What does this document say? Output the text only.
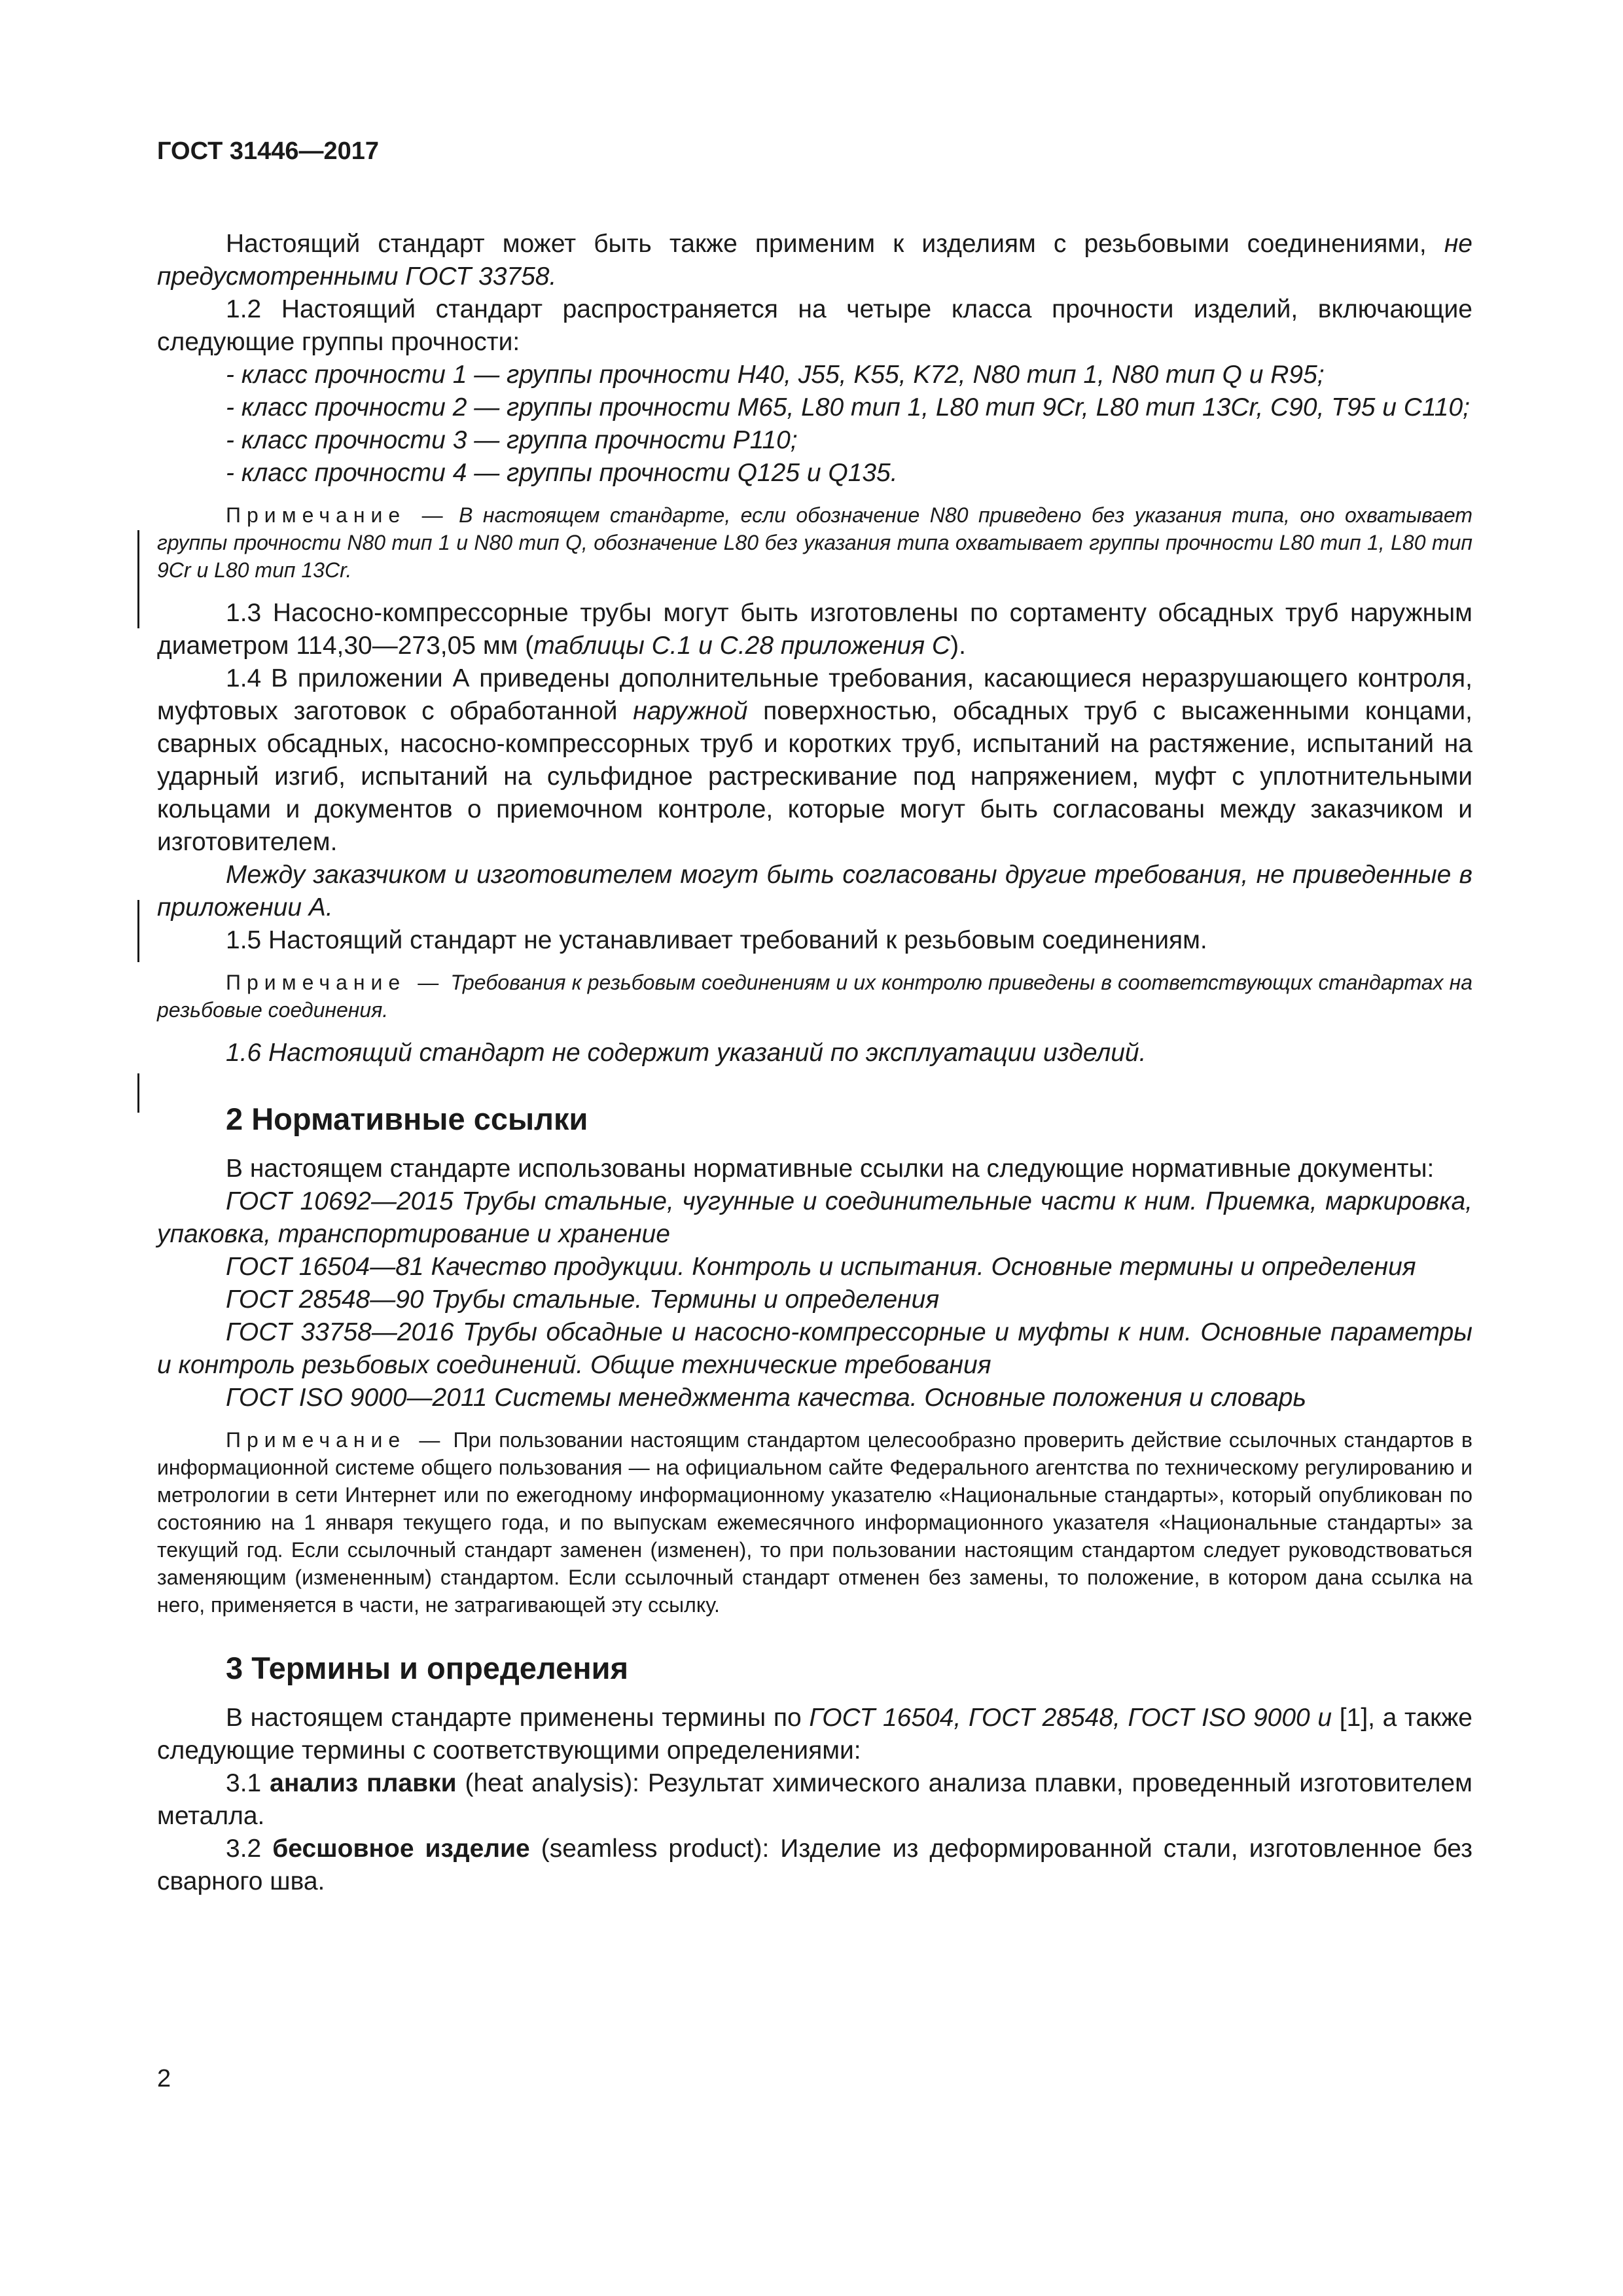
ГОСТ 31446—2017

Настоящий стандарт может быть также применим к изделиям с резьбовыми соединениями, не предусмотренными ГОСТ 33758.

1.2 Настоящий стандарт распространяется на четыре класса прочности изделий, включающие следующие группы прочности:

- класс прочности 1 — группы прочности H40, J55, K55, K72, N80 тип 1, N80 тип Q и R95;

- класс прочности 2 — группы прочности M65, L80 тип 1, L80 тип 9Cr, L80 тип 13Cr, C90, T95 и C110;

- класс прочности 3 — группа прочности P110;

- класс прочности 4 — группы прочности Q125 и Q135.

Примечание — В настоящем стандарте, если обозначение N80 приведено без указания типа, оно охватывает группы прочности N80 тип 1 и N80 тип Q, обозначение L80 без указания типа охватывает группы прочности L80 тип 1, L80 тип 9Cr и L80 тип 13Cr.

1.3 Насосно-компрессорные трубы могут быть изготовлены по сортаменту обсадных труб наружным диаметром 114,30—273,05 мм (таблицы С.1 и С.28 приложения С).

1.4 В приложении А приведены дополнительные требования, касающиеся неразрушающего контроля, муфтовых заготовок с обработанной наружной поверхностью, обсадных труб с высаженными концами, сварных обсадных, насосно-компрессорных труб и коротких труб, испытаний на растяжение, испытаний на ударный изгиб, испытаний на сульфидное растрескивание под напряжением, муфт с уплотнительными кольцами и документов о приемочном контроле, которые могут быть согласованы между заказчиком и изготовителем.

Между заказчиком и изготовителем могут быть согласованы другие требования, не приведенные в приложении А.

1.5 Настоящий стандарт не устанавливает требований к резьбовым соединениям.

Примечание — Требования к резьбовым соединениям и их контролю приведены в соответствующих стандартах на резьбовые соединения.

1.6 Настоящий стандарт не содержит указаний по эксплуатации изделий.

2 Нормативные ссылки

В настоящем стандарте использованы нормативные ссылки на следующие нормативные документы:

ГОСТ 10692—2015 Трубы стальные, чугунные и соединительные части к ним. Приемка, маркировка, упаковка, транспортирование и хранение

ГОСТ 16504—81 Качество продукции. Контроль и испытания. Основные термины и определения

ГОСТ 28548—90 Трубы стальные. Термины и определения

ГОСТ 33758—2016 Трубы обсадные и насосно-компрессорные и муфты к ним. Основные параметры и контроль резьбовых соединений. Общие технические требования

ГОСТ ISO 9000—2011 Системы менеджмента качества. Основные положения и словарь

Примечание — При пользовании настоящим стандартом целесообразно проверить действие ссылочных стандартов в информационной системе общего пользования — на официальном сайте Федерального агентства по техническому регулированию и метрологии в сети Интернет или по ежегодному информационному указателю «Национальные стандарты», который опубликован по состоянию на 1 января текущего года, и по выпускам ежемесячного информационного указателя «Национальные стандарты» за текущий год. Если ссылочный стандарт заменен (изменен), то при пользовании настоящим стандартом следует руководствоваться заменяющим (измененным) стандартом. Если ссылочный стандарт отменен без замены, то положение, в котором дана ссылка на него, применяется в части, не затрагивающей эту ссылку.

3 Термины и определения

В настоящем стандарте применены термины по ГОСТ 16504, ГОСТ 28548, ГОСТ ISO 9000 и [1], а также следующие термины с соответствующими определениями:

3.1 анализ плавки (heat analysis): Результат химического анализа плавки, проведенный изготовителем металла.

3.2 бесшовное изделие (seamless product): Изделие из деформированной стали, изготовленное без сварного шва.

2
